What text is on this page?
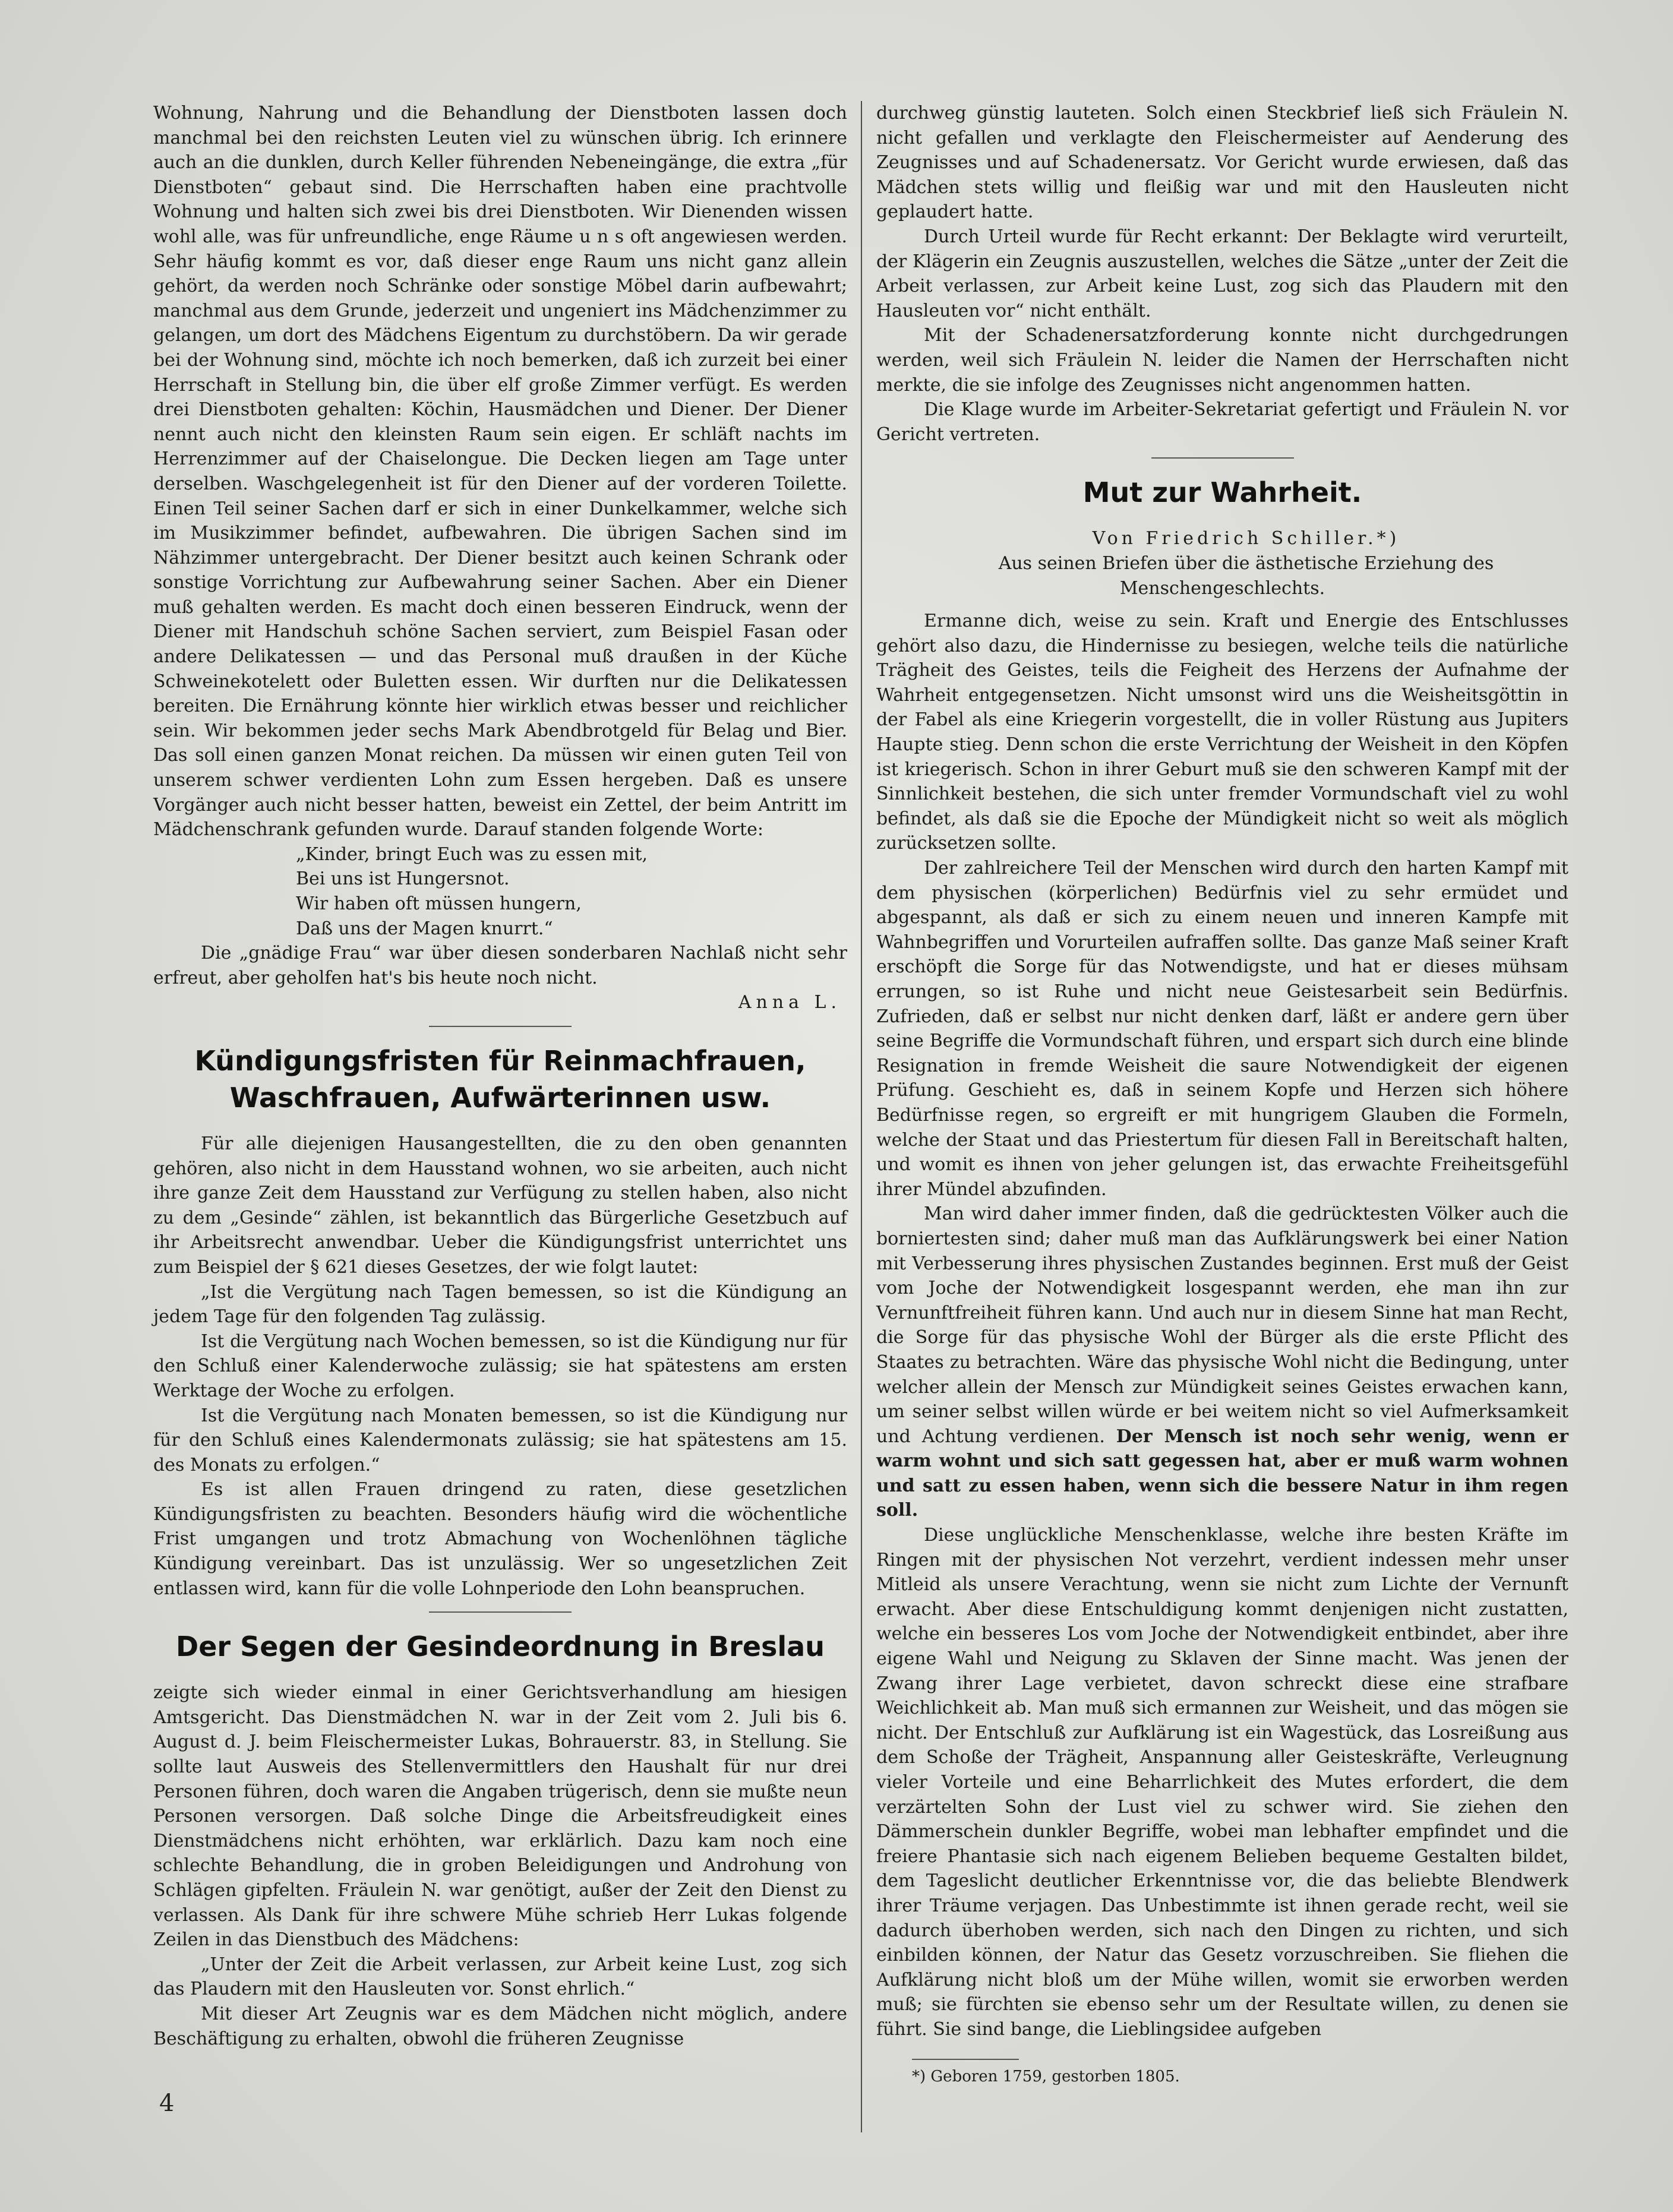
Wohnung, Nahrung und die Behandlung der Dienstboten lassen doch manchmal bei den reichsten Leuten viel zu wünschen übrig. Ich erinnere auch an die dunklen, durch Keller führenden Nebeneingänge, die extra „für Dienstboten“ gebaut sind. Die Herrschaften haben eine prachtvolle Wohnung und halten sich zwei bis drei Dienstboten. Wir Dienenden wissen wohl alle, was für unfreundliche, enge Räume u n s oft angewiesen werden. Sehr häufig kommt es vor, daß dieser enge Raum uns nicht ganz allein gehört, da werden noch Schränke oder sonstige Möbel darin aufbewahrt; manchmal aus dem Grunde, jederzeit und ungeniert ins Mädchenzimmer zu gelangen, um dort des Mädchens Eigentum zu durchstöbern. Da wir gerade bei der Wohnung sind, möchte ich noch bemerken, daß ich zurzeit bei einer Herrschaft in Stellung bin, die über elf große Zimmer verfügt. Es werden drei Dienstboten gehalten: Köchin, Hausmädchen und Diener. Der Diener nennt auch nicht den kleinsten Raum sein eigen. Er schläft nachts im Herrenzimmer auf der Chaiselongue. Die Decken liegen am Tage unter derselben. Waschgelegenheit ist für den Diener auf der vorderen Toilette. Einen Teil seiner Sachen darf er sich in einer Dunkelkammer, welche sich im Musikzimmer befindet, aufbewahren. Die übrigen Sachen sind im Nähzimmer untergebracht. Der Diener besitzt auch keinen Schrank oder sonstige Vorrichtung zur Aufbewahrung seiner Sachen. Aber ein Diener muß gehalten werden. Es macht doch einen besseren Eindruck, wenn der Diener mit Handschuh schöne Sachen serviert, zum Beispiel Fasan oder andere Delikatessen — und das Personal muß draußen in der Küche Schweinekotelett oder Buletten essen. Wir durften nur die Delikatessen bereiten. Die Ernährung könnte hier wirklich etwas besser und reichlicher sein. Wir bekommen jeder sechs Mark Abendbrotgeld für Belag und Bier. Das soll einen ganzen Monat reichen. Da müssen wir einen guten Teil von unserem schwer verdienten Lohn zum Essen hergeben. Daß es unsere Vorgänger auch nicht besser hatten, beweist ein Zettel, der beim Antritt im Mädchenschrank gefunden wurde. Darauf standen folgende Worte:

„Kinder, bringt Euch was zu essen mit,
Bei uns ist Hungersnot.
Wir haben oft müssen hungern,
Daß uns der Magen knurrt.“

Die „gnädige Frau“ war über diesen sonderbaren Nachlaß nicht sehr erfreut, aber geholfen hat's bis heute noch nicht.

Anna L.
Kündigungsfristen für Reinmachfrauen, Waschfrauen, Aufwärterinnen usw.

Für alle diejenigen Hausangestellten, die zu den oben genannten gehören, also nicht in dem Hausstand wohnen, wo sie arbeiten, auch nicht ihre ganze Zeit dem Hausstand zur Verfügung zu stellen haben, also nicht zu dem „Gesinde“ zählen, ist bekanntlich das Bürgerliche Gesetzbuch auf ihr Arbeitsrecht anwendbar. Ueber die Kündigungsfrist unterrichtet uns zum Beispiel der § 621 dieses Gesetzes, der wie folgt lautet:

„Ist die Vergütung nach Tagen bemessen, so ist die Kündigung an jedem Tage für den folgenden Tag zulässig.

Ist die Vergütung nach Wochen bemessen, so ist die Kündigung nur für den Schluß einer Kalenderwoche zulässig; sie hat spätestens am ersten Werktage der Woche zu erfolgen.

Ist die Vergütung nach Monaten bemessen, so ist die Kündigung nur für den Schluß eines Kalendermonats zulässig; sie hat spätestens am 15. des Monats zu erfolgen.“

Es ist allen Frauen dringend zu raten, diese gesetzlichen Kündigungsfristen zu beachten. Besonders häufig wird die wöchentliche Frist umgangen und trotz Abmachung von Wochenlöhnen tägliche Kündigung vereinbart. Das ist unzulässig. Wer so ungesetzlichen Zeit entlassen wird, kann für die volle Lohnperiode den Lohn beanspruchen.

Der Segen der Gesindeordnung in Breslau

zeigte sich wieder einmal in einer Gerichtsverhandlung am hiesigen Amtsgericht. Das Dienstmädchen N. war in der Zeit vom 2. Juli bis 6. August d. J. beim Fleischermeister Lukas, Bohrauerstr. 83, in Stellung. Sie sollte laut Ausweis des Stellenvermittlers den Haushalt für nur drei Personen führen, doch waren die Angaben trügerisch, denn sie mußte neun Personen versorgen. Daß solche Dinge die Arbeitsfreudigkeit eines Dienstmädchens nicht erhöhten, war erklärlich. Dazu kam noch eine schlechte Behandlung, die in groben Beleidigungen und Androhung von Schlägen gipfelten. Fräulein N. war genötigt, außer der Zeit den Dienst zu verlassen. Als Dank für ihre schwere Mühe schrieb Herr Lukas folgende Zeilen in das Dienstbuch des Mädchens:

„Unter der Zeit die Arbeit verlassen, zur Arbeit keine Lust, zog sich das Plaudern mit den Hausleuten vor. Sonst ehrlich.“

Mit dieser Art Zeugnis war es dem Mädchen nicht möglich, andere Beschäftigung zu erhalten, obwohl die früheren Zeugnisse

durchweg günstig lauteten. Solch einen Steckbrief ließ sich Fräulein N. nicht gefallen und verklagte den Fleischermeister auf Aenderung des Zeugnisses und auf Schadenersatz. Vor Gericht wurde erwiesen, daß das Mädchen stets willig und fleißig war und mit den Hausleuten nicht geplaudert hatte.

Durch Urteil wurde für Recht erkannt: Der Beklagte wird verurteilt, der Klägerin ein Zeugnis auszustellen, welches die Sätze „unter der Zeit die Arbeit verlassen, zur Arbeit keine Lust, zog sich das Plaudern mit den Hausleuten vor“ nicht enthält.

Mit der Schadenersatzforderung konnte nicht durchgedrungen werden, weil sich Fräulein N. leider die Namen der Herrschaften nicht merkte, die sie infolge des Zeugnisses nicht angenommen hatten.

Die Klage wurde im Arbeiter-Sekretariat gefertigt und Fräulein N. vor Gericht vertreten.

Mut zur Wahrheit.

Von Friedrich Schiller.*)

Aus seinen Briefen über die ästhetische Erziehung des Menschengeschlechts.

Ermanne dich, weise zu sein. Kraft und Energie des Entschlusses gehört also dazu, die Hindernisse zu besiegen, welche teils die natürliche Trägheit des Geistes, teils die Feigheit des Herzens der Aufnahme der Wahrheit entgegensetzen. Nicht umsonst wird uns die Weisheitsgöttin in der Fabel als eine Kriegerin vorgestellt, die in voller Rüstung aus Jupiters Haupte stieg. Denn schon die erste Verrichtung der Weisheit in den Köpfen ist kriegerisch. Schon in ihrer Geburt muß sie den schweren Kampf mit der Sinnlichkeit bestehen, die sich unter fremder Vormundschaft viel zu wohl befindet, als daß sie die Epoche der Mündigkeit nicht so weit als möglich zurücksetzen sollte.

Der zahlreichere Teil der Menschen wird durch den harten Kampf mit dem physischen (körperlichen) Bedürfnis viel zu sehr ermüdet und abgespannt, als daß er sich zu einem neuen und inneren Kampfe mit Wahnbegriffen und Vorurteilen aufraffen sollte. Das ganze Maß seiner Kraft erschöpft die Sorge für das Notwendigste, und hat er dieses mühsam errungen, so ist Ruhe und nicht neue Geistesarbeit sein Bedürfnis. Zufrieden, daß er selbst nur nicht denken darf, läßt er andere gern über seine Begriffe die Vormundschaft führen, und erspart sich durch eine blinde Resignation in fremde Weisheit die saure Notwendigkeit der eigenen Prüfung. Geschieht es, daß in seinem Kopfe und Herzen sich höhere Bedürfnisse regen, so ergreift er mit hungrigem Glauben die Formeln, welche der Staat und das Priestertum für diesen Fall in Bereitschaft halten, und womit es ihnen von jeher gelungen ist, das erwachte Freiheitsgefühl ihrer Mündel abzufinden.

Man wird daher immer finden, daß die gedrücktesten Völker auch die borniertesten sind; daher muß man das Aufklärungswerk bei einer Nation mit Verbesserung ihres physischen Zustandes beginnen. Erst muß der Geist vom Joche der Notwendigkeit losgespannt werden, ehe man ihn zur Vernunftfreiheit führen kann. Und auch nur in diesem Sinne hat man Recht, die Sorge für das physische Wohl der Bürger als die erste Pflicht des Staates zu betrachten. Wäre das physische Wohl nicht die Bedingung, unter welcher allein der Mensch zur Mündigkeit seines Geistes erwachen kann, um seiner selbst willen würde er bei weitem nicht so viel Aufmerksamkeit und Achtung verdienen. Der Mensch ist noch sehr wenig, wenn er warm wohnt und sich satt gegessen hat, aber er muß warm wohnen und satt zu essen haben, wenn sich die bessere Natur in ihm regen soll.

Diese unglückliche Menschenklasse, welche ihre besten Kräfte im Ringen mit der physischen Not verzehrt, verdient indessen mehr unser Mitleid als unsere Verachtung, wenn sie nicht zum Lichte der Vernunft erwacht. Aber diese Entschuldigung kommt denjenigen nicht zustatten, welche ein besseres Los vom Joche der Notwendigkeit entbindet, aber ihre eigene Wahl und Neigung zu Sklaven der Sinne macht. Was jenen der Zwang ihrer Lage verbietet, davon schreckt diese eine strafbare Weichlichkeit ab. Man muß sich ermannen zur Weisheit, und das mögen sie nicht. Der Entschluß zur Aufklärung ist ein Wagestück, das Losreißung aus dem Schoße der Trägheit, Anspannung aller Geisteskräfte, Verleugnung vieler Vorteile und eine Beharrlichkeit des Mutes erfordert, die dem verzärtelten Sohn der Lust viel zu schwer wird. Sie ziehen den Dämmerschein dunkler Begriffe, wobei man lebhafter empfindet und die freiere Phantasie sich nach eigenem Belieben bequeme Gestalten bildet, dem Tageslicht deutlicher Erkenntnisse vor, die das beliebte Blendwerk ihrer Träume verjagen. Das Unbestimmte ist ihnen gerade recht, weil sie dadurch überhoben werden, sich nach den Dingen zu richten, und sich einbilden können, der Natur das Gesetz vorzuschreiben. Sie fliehen die Aufklärung nicht bloß um der Mühe willen, womit sie erworben werden muß; sie fürchten sie ebenso sehr um der Resultate willen, zu denen sie führt. Sie sind bange, die Lieblingsidee aufgeben

*) Geboren 1759, gestorben 1805.
4
